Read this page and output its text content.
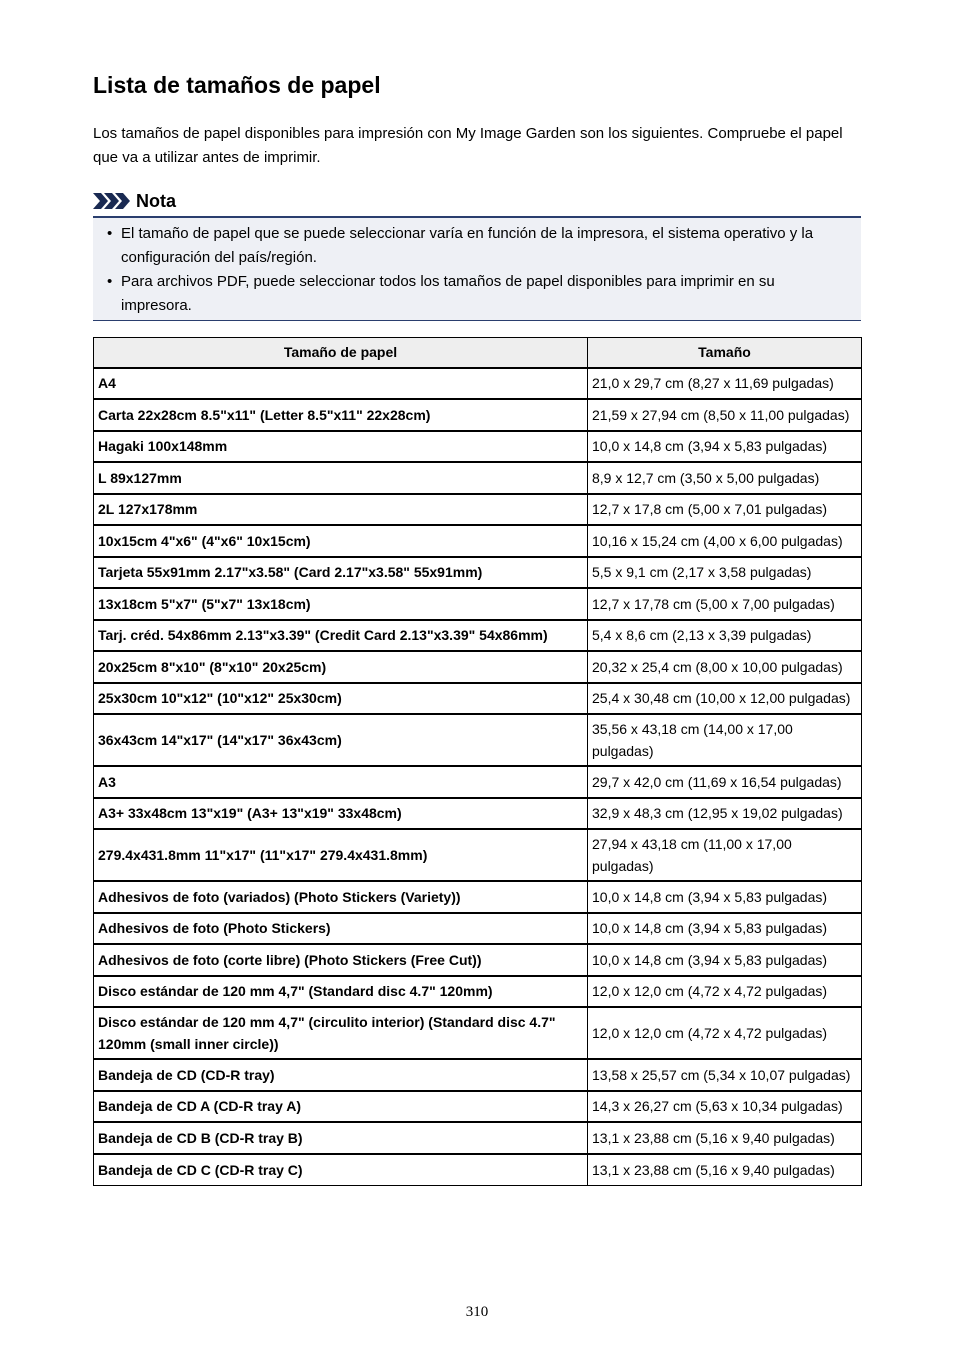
Lista de tamaños de papel

Los tamaños de papel disponibles para impresión con My Image Garden son los siguientes. Compruebe el papel que va a utilizar antes de imprimir.

Nota
• El tamaño de papel que se puede seleccionar varía en función de la impresora, el sistema operativo y la configuración del país/región.
• Para archivos PDF, puede seleccionar todos los tamaños de papel disponibles para imprimir en su impresora.
Tamaño de papel	Tamaño
A4	21,0 x 29,7 cm (8,27 x 11,69 pulgadas)
Carta 22x28cm 8.5"x11" (Letter 8.5"x11" 22x28cm)	21,59 x 27,94 cm (8,50 x 11,00 pulgadas)
Hagaki 100x148mm	10,0 x 14,8 cm (3,94 x 5,83 pulgadas)
L 89x127mm	8,9 x 12,7 cm (3,50 x 5,00 pulgadas)
2L 127x178mm	12,7 x 17,8 cm (5,00 x 7,01 pulgadas)
10x15cm 4"x6" (4"x6" 10x15cm)	10,16 x 15,24 cm (4,00 x 6,00 pulgadas)
Tarjeta 55x91mm 2.17"x3.58" (Card 2.17"x3.58" 55x91mm)	5,5 x 9,1 cm (2,17 x 3,58 pulgadas)
13x18cm 5"x7" (5"x7" 13x18cm)	12,7 x 17,78 cm (5,00 x 7,00 pulgadas)
Tarj. créd. 54x86mm 2.13"x3.39" (Credit Card 2.13"x3.39" 54x86mm)	5,4 x 8,6 cm (2,13 x 3,39 pulgadas)
20x25cm 8"x10" (8"x10" 20x25cm)	20,32 x 25,4 cm (8,00 x 10,00 pulgadas)
25x30cm 10"x12" (10"x12" 25x30cm)	25,4 x 30,48 cm (10,00 x 12,00 pulgadas)
36x43cm 14"x17" (14"x17" 36x43cm)	35,56 x 43,18 cm (14,00 x 17,00 pulgadas)
A3	29,7 x 42,0 cm (11,69 x 16,54 pulgadas)
A3+ 33x48cm 13"x19" (A3+ 13"x19" 33x48cm)	32,9 x 48,3 cm (12,95 x 19,02 pulgadas)
279.4x431.8mm 11"x17" (11"x17" 279.4x431.8mm)	27,94 x 43,18 cm (11,00 x 17,00 pulgadas)
Adhesivos de foto (variados) (Photo Stickers (Variety))	10,0 x 14,8 cm (3,94 x 5,83 pulgadas)
Adhesivos de foto (Photo Stickers)	10,0 x 14,8 cm (3,94 x 5,83 pulgadas)
Adhesivos de foto (corte libre) (Photo Stickers (Free Cut))	10,0 x 14,8 cm (3,94 x 5,83 pulgadas)
Disco estándar de 120 mm 4,7" (Standard disc 4.7" 120mm)	12,0 x 12,0 cm (4,72 x 4,72 pulgadas)
Disco estándar de 120 mm 4,7" (circulito interior) (Standard disc 4.7" 120mm (small inner circle))	12,0 x 12,0 cm (4,72 x 4,72 pulgadas)
Bandeja de CD (CD-R tray)	13,58 x 25,57 cm (5,34 x 10,07 pulgadas)
Bandeja de CD A (CD-R tray A)	14,3 x 26,27 cm (5,63 x 10,34 pulgadas)
Bandeja de CD B (CD-R tray B)	13,1 x 23,88 cm (5,16 x 9,40 pulgadas)
Bandeja de CD C (CD-R tray C)	13,1 x 23,88 cm (5,16 x 9,40 pulgadas)
310
